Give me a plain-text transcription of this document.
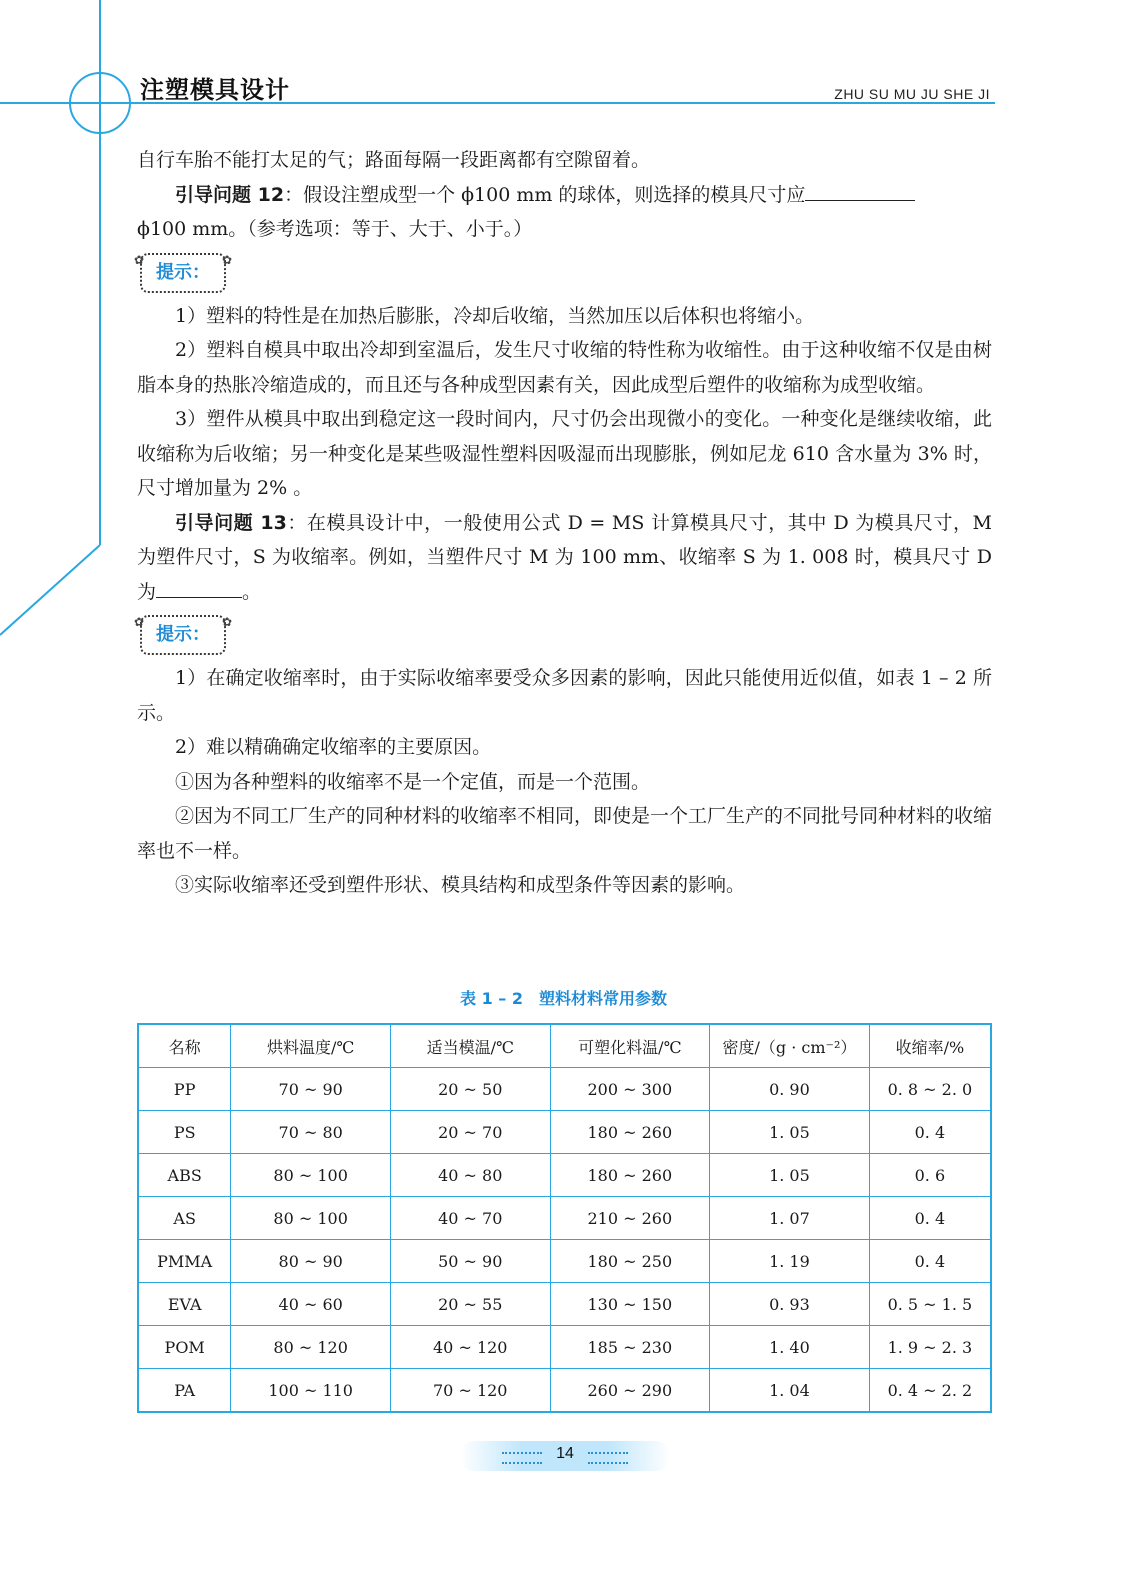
注塑模具设计	ZHU SU MU JU SHE JI

自行车胎不能打太足的气；路面每隔一段距离都有空隙留着。

引导问题 12：假设注塑成型一个 ϕ100 mm 的球体，则选择的模具尺寸应

ϕ100 mm。（参考选项：等于、大于、小于。）

✿ 提示： ✿

1）塑料的特性是在加热后膨胀，冷却后收缩，当然加压以后体积也将缩小。

2）塑料自模具中取出冷却到室温后，发生尺寸收缩的特性称为收缩性。由于这种收缩不仅是由树脂本身的热胀冷缩造成的，而且还与各种成型因素有关，因此成型后塑件的收缩称为成型收缩。

3）塑件从模具中取出到稳定这一段时间内，尺寸仍会出现微小的变化。一种变化是继续收缩，此收缩称为后收缩；另一种变化是某些吸湿性塑料因吸湿而出现膨胀，例如尼龙 610 含水量为 3% 时，尺寸增加量为 2% 。

引导问题 13：在模具设计中，一般使用公式 D = MS 计算模具尺寸，其中 D 为模具尺寸，M 为塑件尺寸，S 为收缩率。例如，当塑件尺寸 M 为 100 mm、收缩率 S 为 1. 008 时，模具尺寸 D 为	。

✿ 提示： ✿

1）在确定收缩率时，由于实际收缩率要受众多因素的影响，因此只能使用近似值，如表 1 – 2 所示。

2）难以精确确定收缩率的主要原因。

①因为各种塑料的收缩率不是一个定值，而是一个范围。

②因为不同工厂生产的同种材料的收缩率不相同，即使是一个工厂生产的不同批号同种材料的收缩率也不一样。

③实际收缩率还受到塑件形状、模具结构和成型条件等因素的影响。

表 1 – 2　塑料材料常用参数
名称	烘料温度/℃	适当模温/℃	可塑化料温/℃	密度/（g · cm⁻²）	收缩率/%
PP	70 ~ 90	20 ~ 50	200 ~ 300	0. 90	0. 8 ~ 2. 0
PS	70 ~ 80	20 ~ 70	180 ~ 260	1. 05	0. 4
ABS	80 ~ 100	40 ~ 80	180 ~ 260	1. 05	0. 6
AS	80 ~ 100	40 ~ 70	210 ~ 260	1. 07	0. 4
PMMA	80 ~ 90	50 ~ 90	180 ~ 250	1. 19	0. 4
EVA	40 ~ 60	20 ~ 55	130 ~ 150	0. 93	0. 5 ~ 1. 5
POM	80 ~ 120	40 ~ 120	185 ~ 230	1. 40	1. 9 ~ 2. 3
PA	100 ~ 110	70 ~ 120	260 ~ 290	1. 04	0. 4 ~ 2. 2
14
